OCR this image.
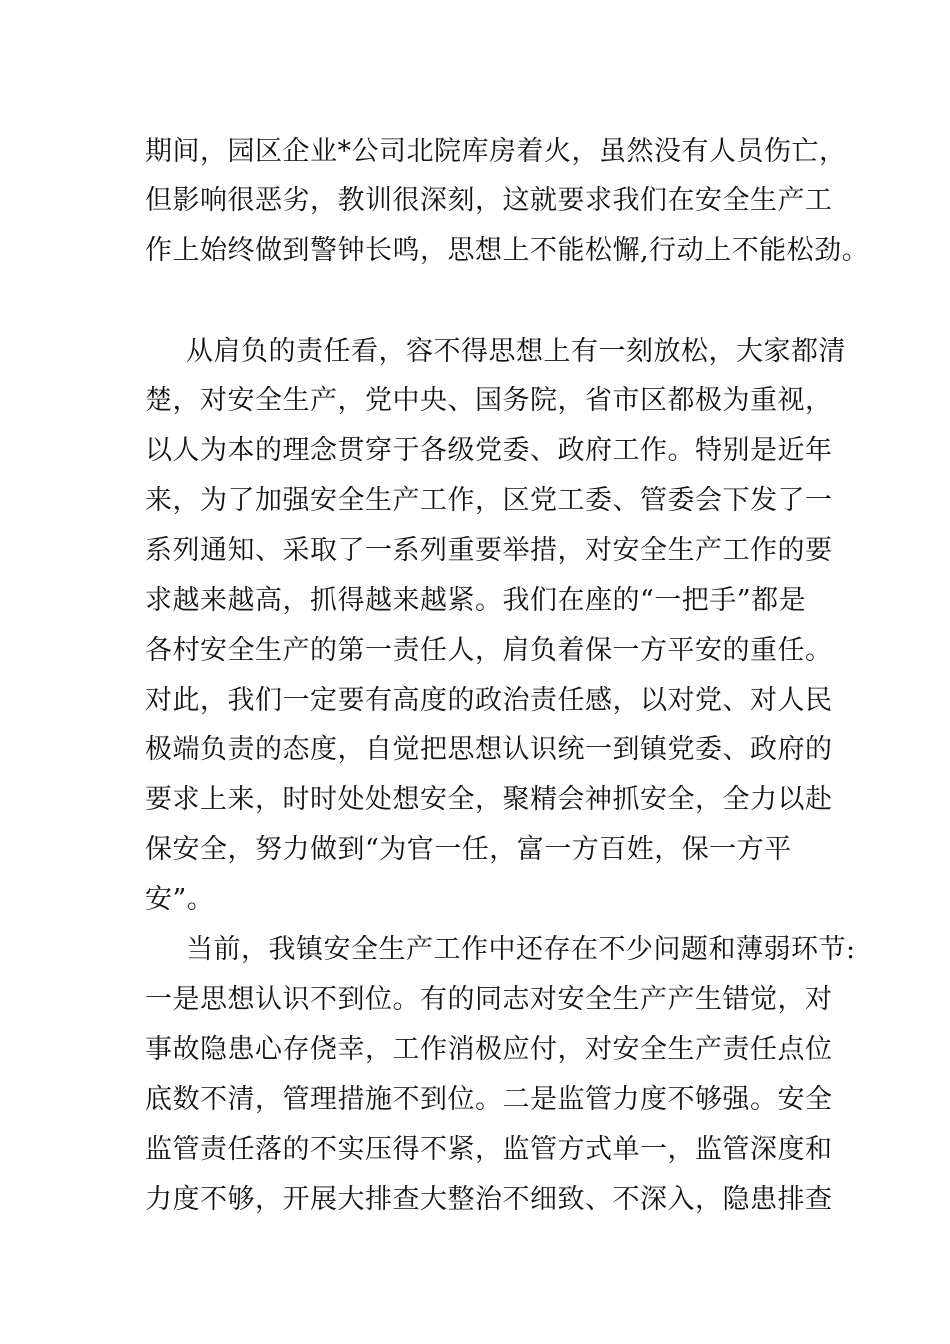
期间，园区企业*公司北院库房着火，虽然没有人员伤亡，
但影响很恶劣，教训很深刻，这就要求我们在安全生产工
作上始终做到警钟长鸣，思想上不能松懈,行动上不能松劲。
从肩负的责任看，容不得思想上有一刻放松，大家都清
楚，对安全生产，党中央、国务院，省市区都极为重视，
以人为本的理念贯穿于各级党委、政府工作。特别是近年
来，为了加强安全生产工作，区党工委、管委会下发了一
系列通知、采取了一系列重要举措，对安全生产工作的要
求越来越高，抓得越来越紧。我们在座的“一把手”都是
各村安全生产的第一责任人，肩负着保一方平安的重任。
对此，我们一定要有高度的政治责任感，以对党、对人民
极端负责的态度，自觉把思想认识统一到镇党委、政府的
要求上来，时时处处想安全，聚精会神抓安全，全力以赴
保安全，努力做到“为官一任，富一方百姓，保一方平
安”。
当前，我镇安全生产工作中还存在不少问题和薄弱环节:
一是思想认识不到位。有的同志对安全生产产生错觉，对
事故隐患心存侥幸，工作消极应付，对安全生产责任点位
底数不清，管理措施不到位。二是监管力度不够强。安全
监管责任落的不实压得不紧，监管方式单一，监管深度和
力度不够，开展大排查大整治不细致、不深入，隐患排查
